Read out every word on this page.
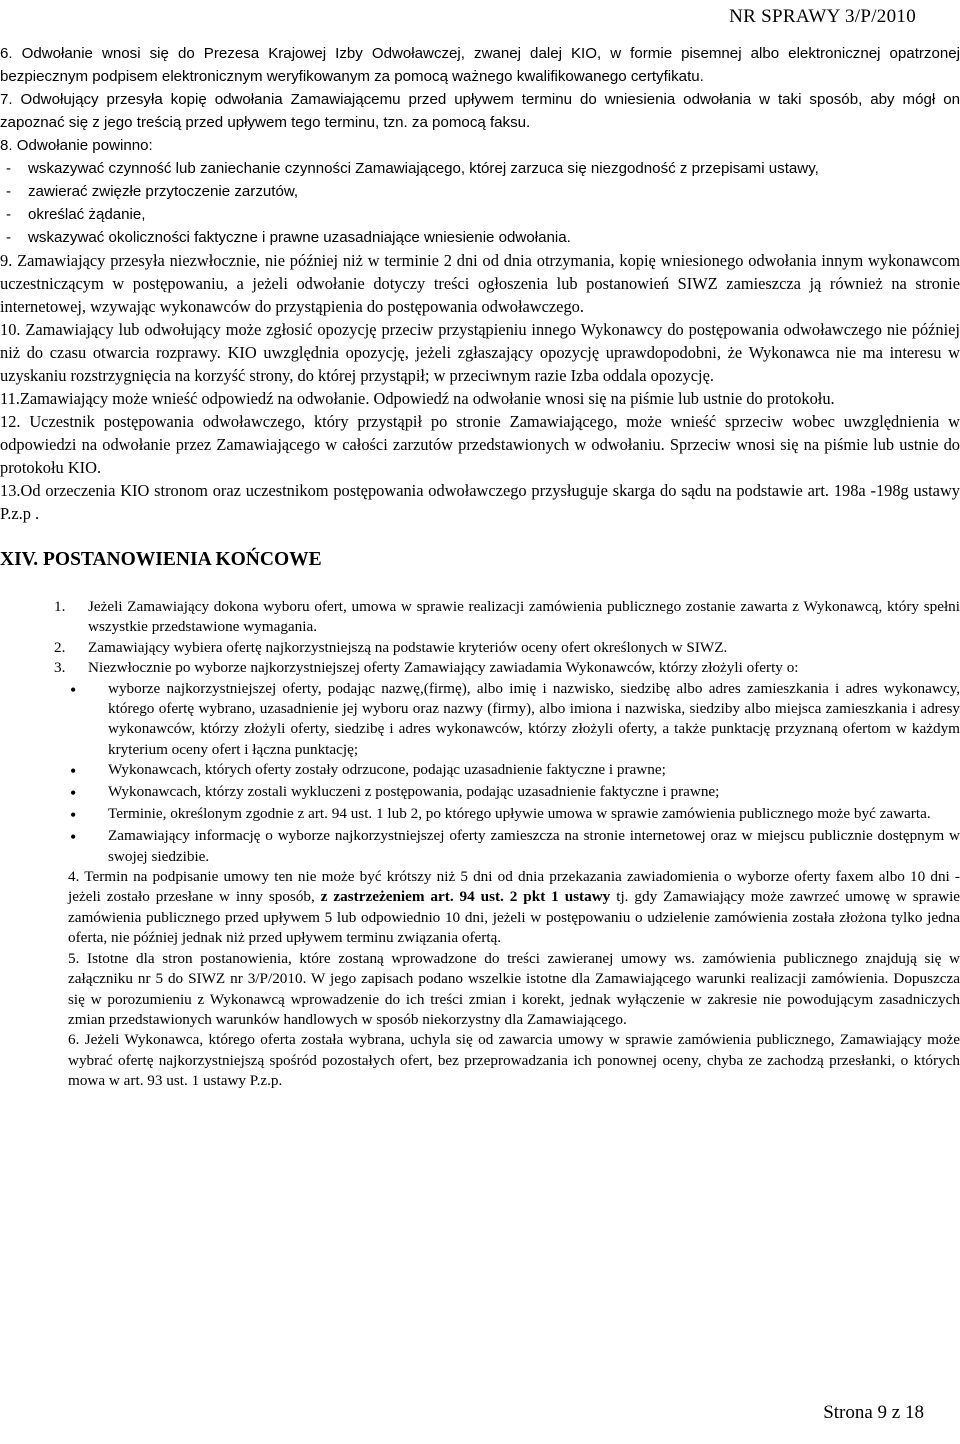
NR SPRAWY 3/P/2010

6. Odwołanie wnosi się do Prezesa Krajowej Izby Odwoławczej, zwanej dalej KIO, w formie pisemnej albo elektronicznej opatrzonej bezpiecznym podpisem elektronicznym weryfikowanym za pomocą ważnego kwalifikowanego certyfikatu.

7. Odwołujący przesyła kopię odwołania Zamawiającemu przed upływem terminu do wniesienia odwołania w taki sposób, aby mógł on zapoznać się z jego treścią przed upływem tego terminu, tzn. za pomocą faksu.

8. Odwołanie powinno:

-	wskazywać czynność lub zaniechanie czynności Zamawiającego, której zarzuca się niezgodność z przepisami ustawy,
-	zawierać zwięzłe przytoczenie zarzutów,
-	określać żądanie,
-	wskazywać okoliczności faktyczne i prawne uzasadniające wniesienie odwołania.

9. Zamawiający przesyła niezwłocznie, nie później niż w terminie 2 dni od dnia otrzymania, kopię wniesionego odwołania innym wykonawcom uczestniczącym w postępowaniu, a jeżeli odwołanie dotyczy treści ogłoszenia lub postanowień SIWZ zamieszcza ją również na stronie internetowej, wzywając wykonawców do przystąpienia do postępowania odwoławczego.

10. Zamawiający lub odwołujący może zgłosić opozycję przeciw przystąpieniu innego Wykonawcy do postępowania odwoławczego nie później niż do czasu otwarcia rozprawy. KIO uwzględnia opozycję, jeżeli zgłaszający opozycję uprawdopodobni, że Wykonawca nie ma interesu w uzyskaniu rozstrzygnięcia na korzyść strony, do której przystąpił; w przeciwnym razie Izba oddala opozycję.

11.Zamawiający może wnieść odpowiedź na odwołanie. Odpowiedź na odwołanie wnosi się na piśmie lub ustnie do protokołu.

12. Uczestnik postępowania odwoławczego, który przystąpił po stronie Zamawiającego, może wnieść sprzeciw wobec uwzględnienia w odpowiedzi na odwołanie przez Zamawiającego w całości zarzutów przedstawionych w odwołaniu. Sprzeciw wnosi się na piśmie lub ustnie do protokołu KIO.

13.Od orzeczenia KIO stronom oraz uczestnikom postępowania odwoławczego przysługuje skarga do sądu na podstawie art. 198a -198g ustawy P.z.p .

XIV. POSTANOWIENIA KOŃCOWE
1.	Jeżeli Zamawiający dokona wyboru ofert, umowa w sprawie realizacji zamówienia publicznego zostanie zawarta z Wykonawcą, który spełni wszystkie przedstawione wymagania.
2.	Zamawiający wybiera ofertę najkorzystniejszą na podstawie kryteriów oceny ofert określonych w SIWZ.
3.	Niezwłocznie po wyborze najkorzystniejszej oferty Zamawiający zawiadamia Wykonawców, którzy złożyli oferty o:
•	wyborze najkorzystniejszej oferty, podając nazwę,(firmę), albo imię i nazwisko, siedzibę albo adres zamieszkania i adres wykonawcy, którego ofertę wybrano, uzasadnienie jej wyboru oraz nazwy (firmy), albo imiona i nazwiska, siedziby albo miejsca zamieszkania i adresy wykonawców, którzy złożyli oferty, siedzibę i adres wykonawców, którzy złożyli oferty, a także punktację przyznaną ofertom w każdym kryterium oceny ofert i łączna punktację;
•	Wykonawcach, których oferty zostały odrzucone, podając uzasadnienie faktyczne i prawne;
•	Wykonawcach, którzy zostali wykluczeni z postępowania, podając uzasadnienie faktyczne i prawne;
•	Terminie, określonym zgodnie z art. 94 ust. 1 lub 2, po którego upływie umowa w sprawie zamówienia publicznego może być zawarta.
•	Zamawiający informację o wyborze najkorzystniejszej oferty zamieszcza na stronie internetowej oraz w miejscu publicznie dostępnym w swojej siedzibie.

4. Termin na podpisanie umowy ten nie może być krótszy niż 5 dni od dnia przekazania zawiadomienia o wyborze oferty faxem albo 10 dni - jeżeli zostało przesłane w inny sposób, z zastrzeżeniem art. 94 ust. 2 pkt 1 ustawy tj. gdy Zamawiający może zawrzeć umowę w sprawie zamówienia publicznego przed upływem 5 lub odpowiednio 10 dni, jeżeli w postępowaniu o udzielenie zamówienia została złożona tylko jedna oferta, nie później jednak niż przed upływem terminu związania ofertą.

5. Istotne dla stron postanowienia, które zostaną wprowadzone do treści zawieranej umowy ws. zamówienia publicznego znajdują się w załączniku nr 5 do SIWZ nr 3/P/2010. W jego zapisach podano wszelkie istotne dla Zamawiającego warunki realizacji zamówienia. Dopuszcza się w porozumieniu z Wykonawcą wprowadzenie do ich treści zmian i korekt, jednak wyłączenie w zakresie nie powodującym zasadniczych zmian przedstawionych warunków handlowych w sposób niekorzystny dla Zamawiającego.

6. Jeżeli Wykonawca, którego oferta została wybrana, uchyla się od zawarcia umowy w sprawie zamówienia publicznego, Zamawiający może wybrać ofertę najkorzystniejszą spośród pozostałych ofert, bez przeprowadzania ich ponownej oceny, chyba ze zachodzą przesłanki, o których mowa w art. 93 ust. 1 ustawy P.z.p.

Strona 9 z 18
